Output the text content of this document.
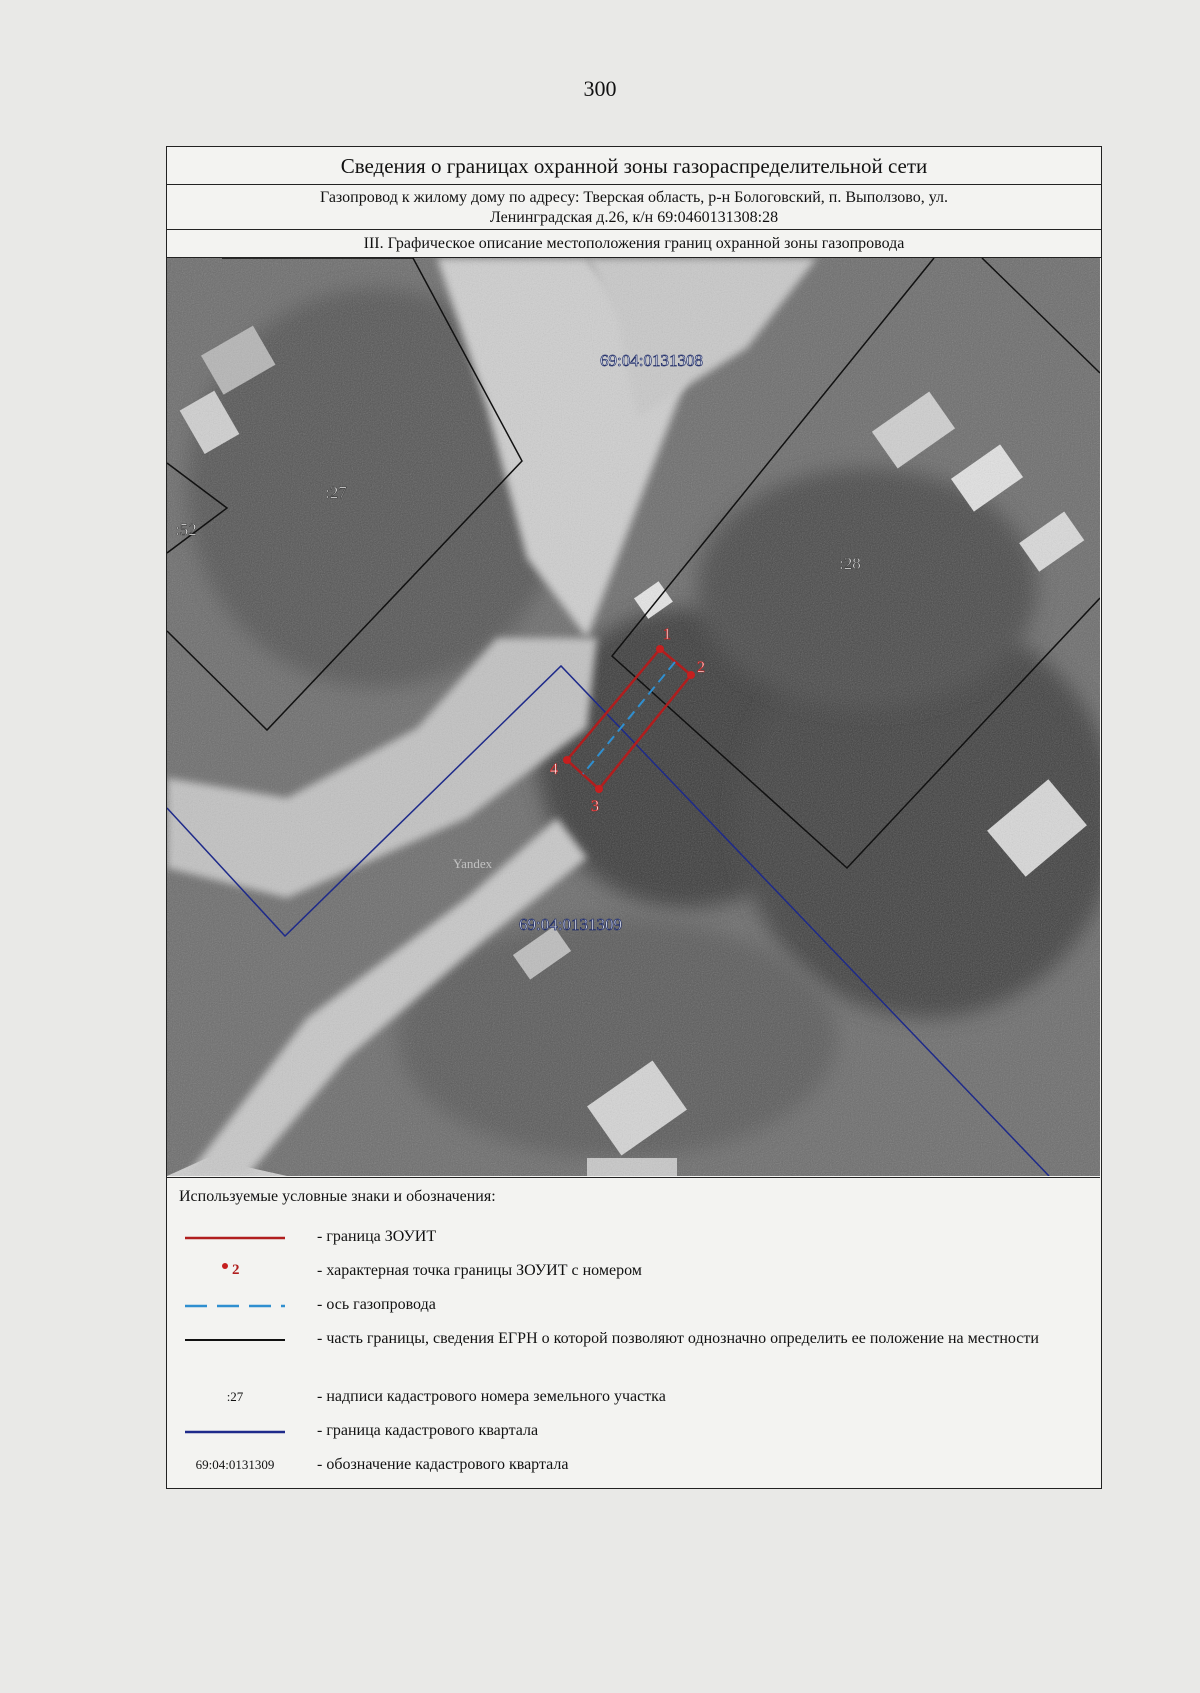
300
Сведения о границах охранной зоны газораспределительной сети
Газопровод к жилому дому по адресу: Тверская область, р-н Бологовский, п. Выползово, ул.
Ленинградская д.26, к/н 69:0460131308:28
III. Графическое описание местоположения границ охранной зоны газопровода
1
2
3
4
69:04:0131308
69:04:0131309
:27
:52
:28
Yandex
Используемые условные знаки и обозначения:
- граница ЗОУИТ
2	- характерная точка границы ЗОУИТ с номером
- ось газопровода
- часть границы, сведения ЕГРН о которой позволяют однозначно определить ее положение на местности
:27	- надписи кадастрового номера земельного участка
- граница кадастрового квартала
69:04:0131309	- обозначение кадастрового квартала
